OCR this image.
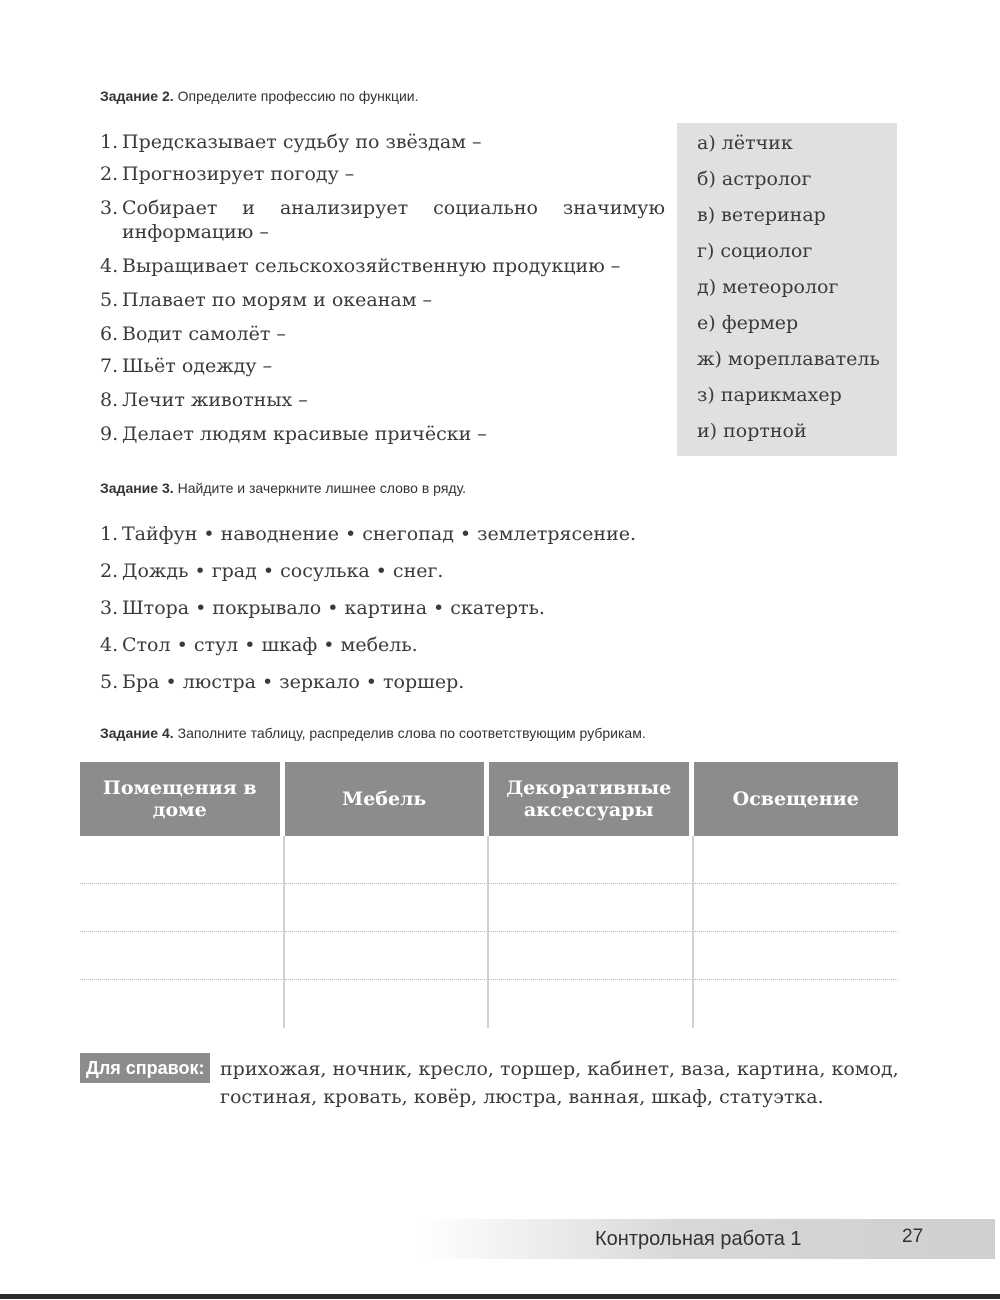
Задание 2. Определите профессию по функции.
1. Предсказывает судьбу по звёздам –
2. Прогнозирует погоду –
3. Собирает и анализирует социально значимую информацию –
4. Выращивает сельскохозяйственную продукцию –
5. Плавает по морям и океанам –
6. Водит самолёт –
7. Шьёт одежду –
8. Лечит животных –
9. Делает людям красивые причёски –
а) лётчик
б) астролог
в) ветеринар
г) социолог
д) метеоролог
е) фермер
ж) мореплаватель
з) парикмахер
и) портной
Задание 3. Найдите и зачеркните лишнее слово в ряду.
1. Тайфун • наводнение • снегопад • землетрясение.
2. Дождь • град • сосулька • снег.
3. Штора • покрывало • картина • скатерть.
4. Стол • стул • шкаф • мебель.
5. Бра • люстра • зеркало • торшер.
Задание 4. Заполните таблицу, распределив слова по соответствующим рубрикам.
Помещения в доме	Мебель	Декоративные аксессуары	Освещение

Для справок: прихожая, ночник, кресло, торшер, кабинет, ваза, картина, комод, гостиная, кровать, ковёр, люстра, ванная, шкаф, статуэтка.
Контрольная работа 1	27
